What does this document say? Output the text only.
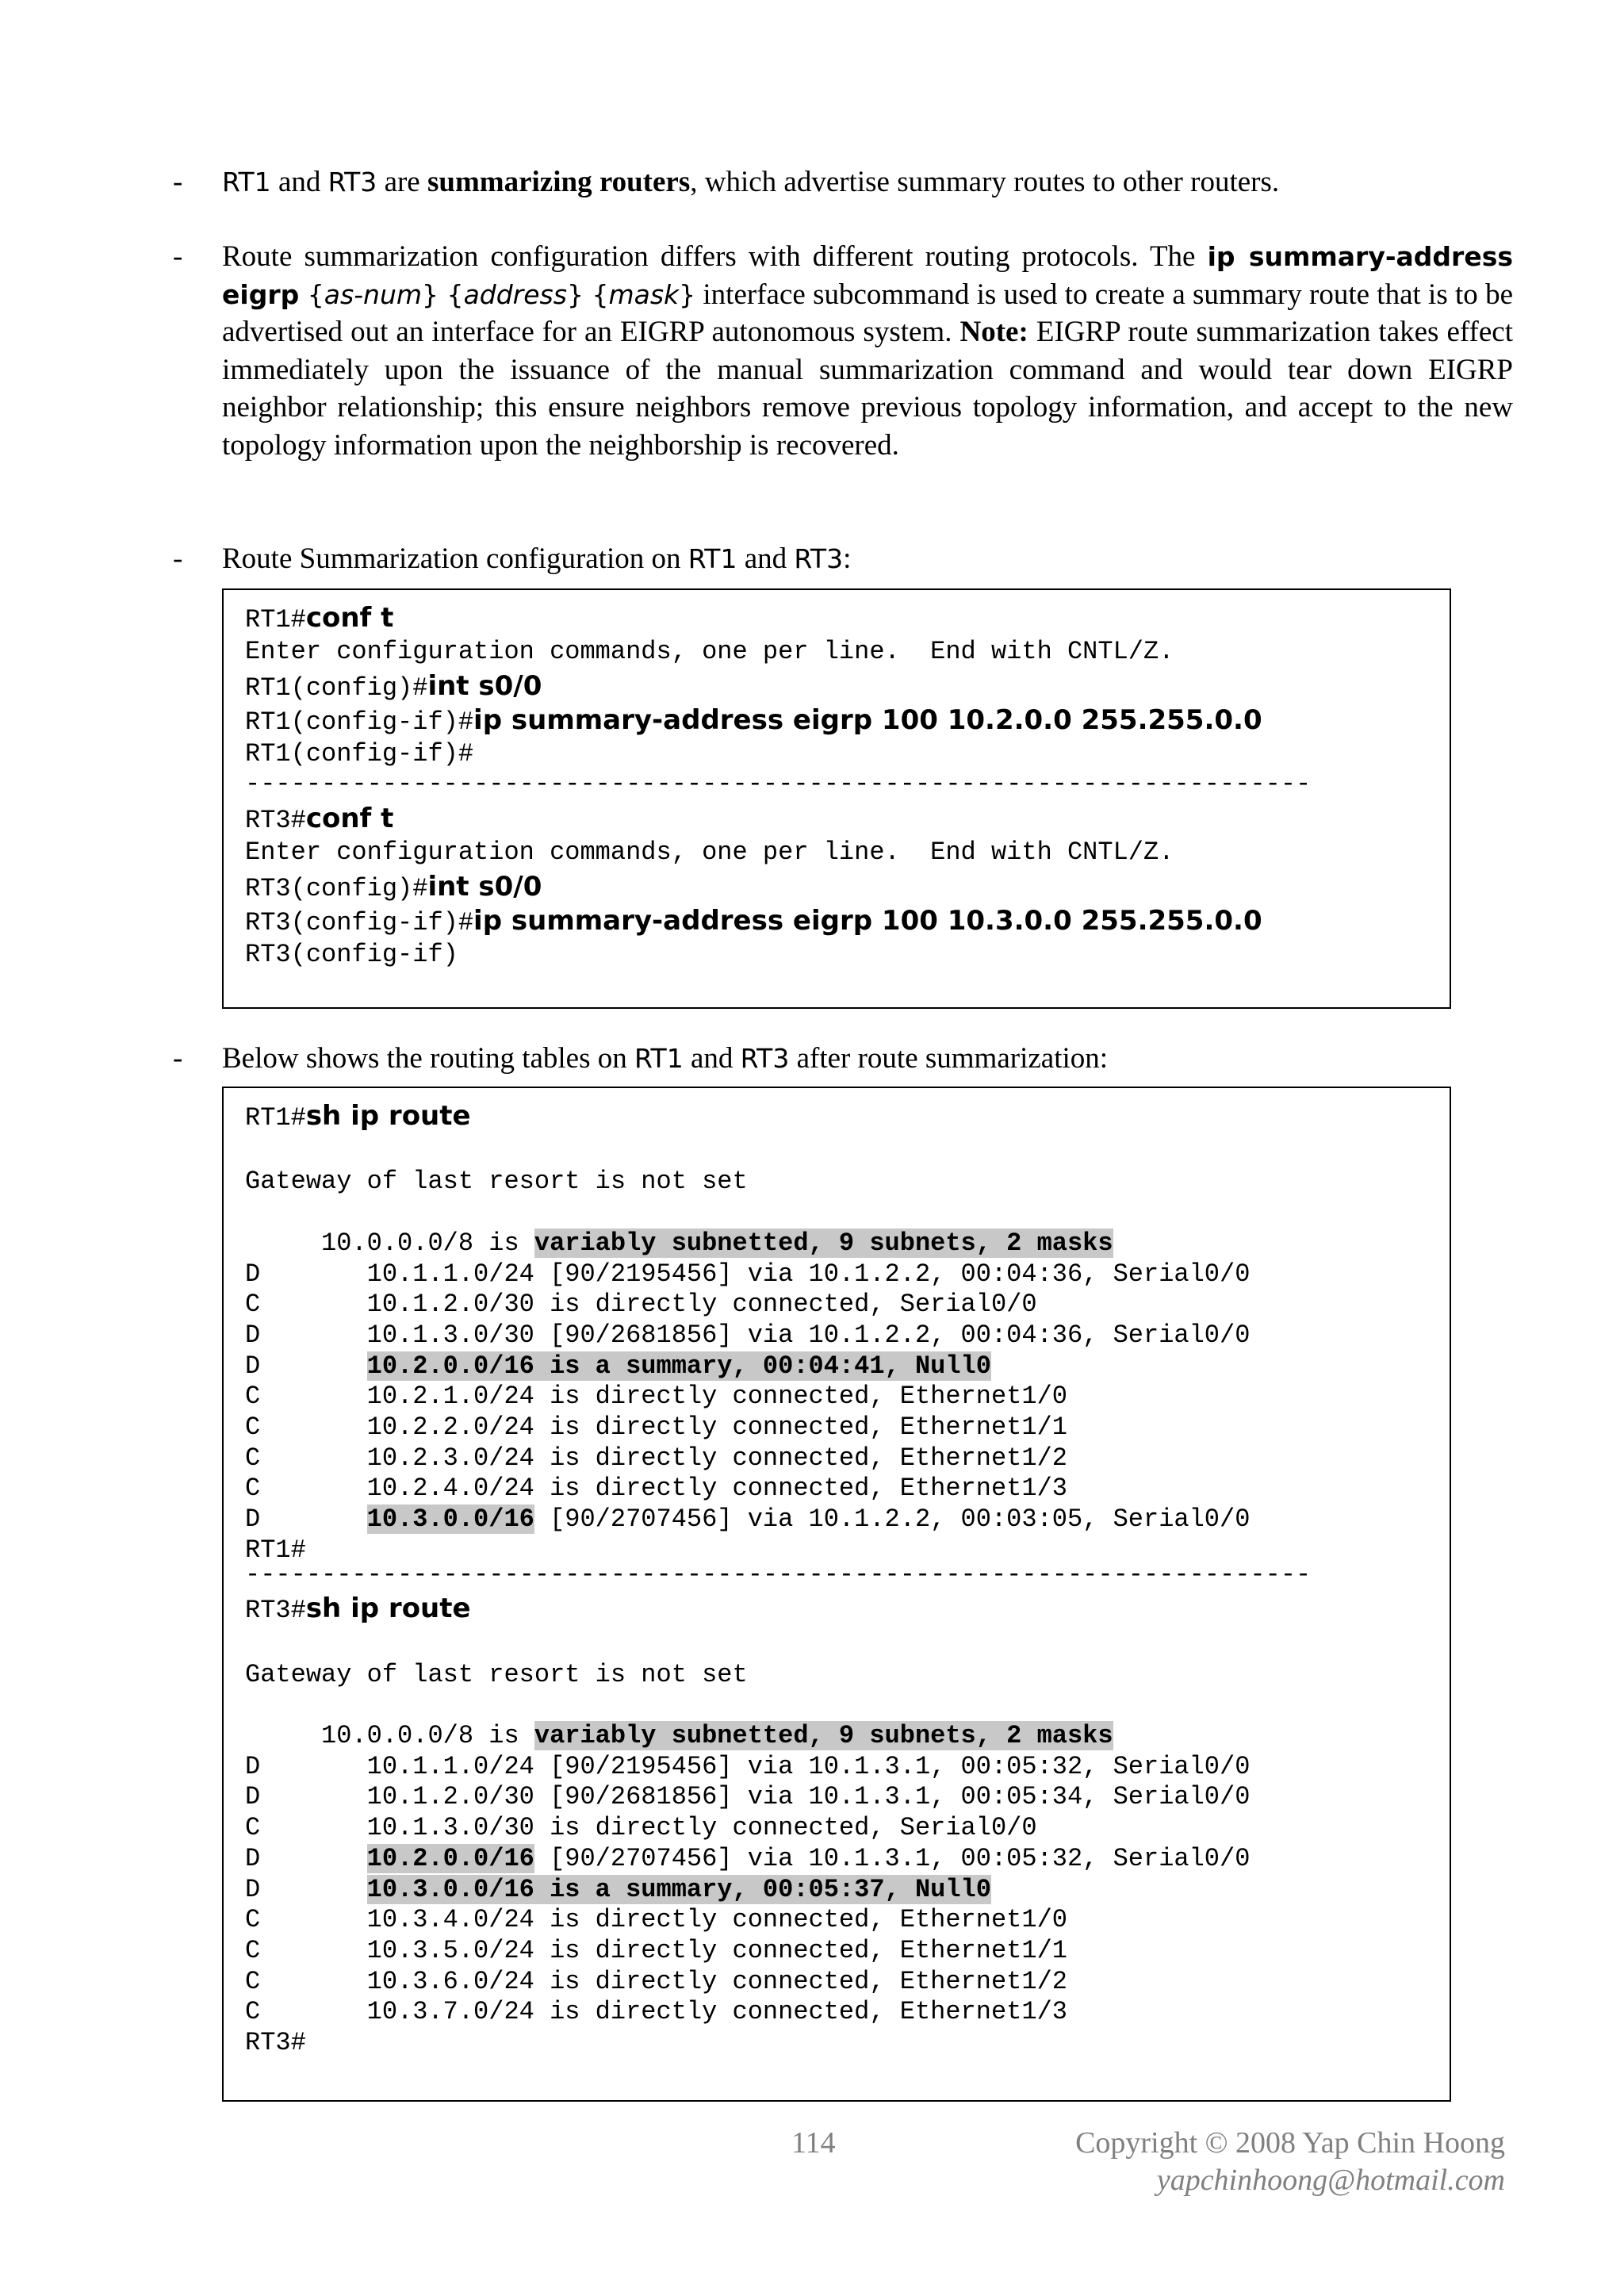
- RT1 and RT3 are summarizing routers, which advertise summary routes to other routers.
- Route summarization configuration differs with different routing protocols. The ip summary-address eigrp {as-num} {address} {mask} interface subcommand is used to create a summary route that is to be advertised out an interface for an EIGRP autonomous system. Note: EIGRP route summarization takes effect immediately upon the issuance of the manual summarization command and would tear down EIGRP neighbor relationship; this ensure neighbors remove previous topology information, and accept to the new topology information upon the neighborship is recovered.
- Route Summarization configuration on RT1 and RT3:
RT1#conf t
Enter configuration commands, one per line.  End with CNTL/Z.
RT1(config)#int s0/0
RT1(config-if)#ip summary-address eigrp 100 10.2.0.0 255.255.0.0
RT1(config-if)#
----------------------------------------------------------------------
RT3#conf t
Enter configuration commands, one per line.  End with CNTL/Z.
RT3(config)#int s0/0
RT3(config-if)#ip summary-address eigrp 100 10.3.0.0 255.255.0.0
RT3(config-if)
- Below shows the routing tables on RT1 and RT3 after route summarization:
RT1#sh ip route
Gateway of last resort is not set
10.0.0.0/8 is variably subnetted, 9 subnets, 2 masks
D       10.1.1.0/24 [90/2195456] via 10.1.2.2, 00:04:36, Serial0/0
C       10.1.2.0/30 is directly connected, Serial0/0
D       10.1.3.0/30 [90/2681856] via 10.1.2.2, 00:04:36, Serial0/0
D       10.2.0.0/16 is a summary, 00:04:41, Null0
C       10.2.1.0/24 is directly connected, Ethernet1/0
C       10.2.2.0/24 is directly connected, Ethernet1/1
C       10.2.3.0/24 is directly connected, Ethernet1/2
C       10.2.4.0/24 is directly connected, Ethernet1/3
D       10.3.0.0/16 [90/2707456] via 10.1.2.2, 00:03:05, Serial0/0
RT1#
----------------------------------------------------------------------
RT3#sh ip route
Gateway of last resort is not set
10.0.0.0/8 is variably subnetted, 9 subnets, 2 masks
D       10.1.1.0/24 [90/2195456] via 10.1.3.1, 00:05:32, Serial0/0
D       10.1.2.0/30 [90/2681856] via 10.1.3.1, 00:05:34, Serial0/0
C       10.1.3.0/30 is directly connected, Serial0/0
D       10.2.0.0/16 [90/2707456] via 10.1.3.1, 00:05:32, Serial0/0
D       10.3.0.0/16 is a summary, 00:05:37, Null0
C       10.3.4.0/24 is directly connected, Ethernet1/0
C       10.3.5.0/24 is directly connected, Ethernet1/1
C       10.3.6.0/24 is directly connected, Ethernet1/2
C       10.3.7.0/24 is directly connected, Ethernet1/3
RT3#
114	Copyright © 2008 Yap Chin Hoong
yapchinhoong@hotmail.com
